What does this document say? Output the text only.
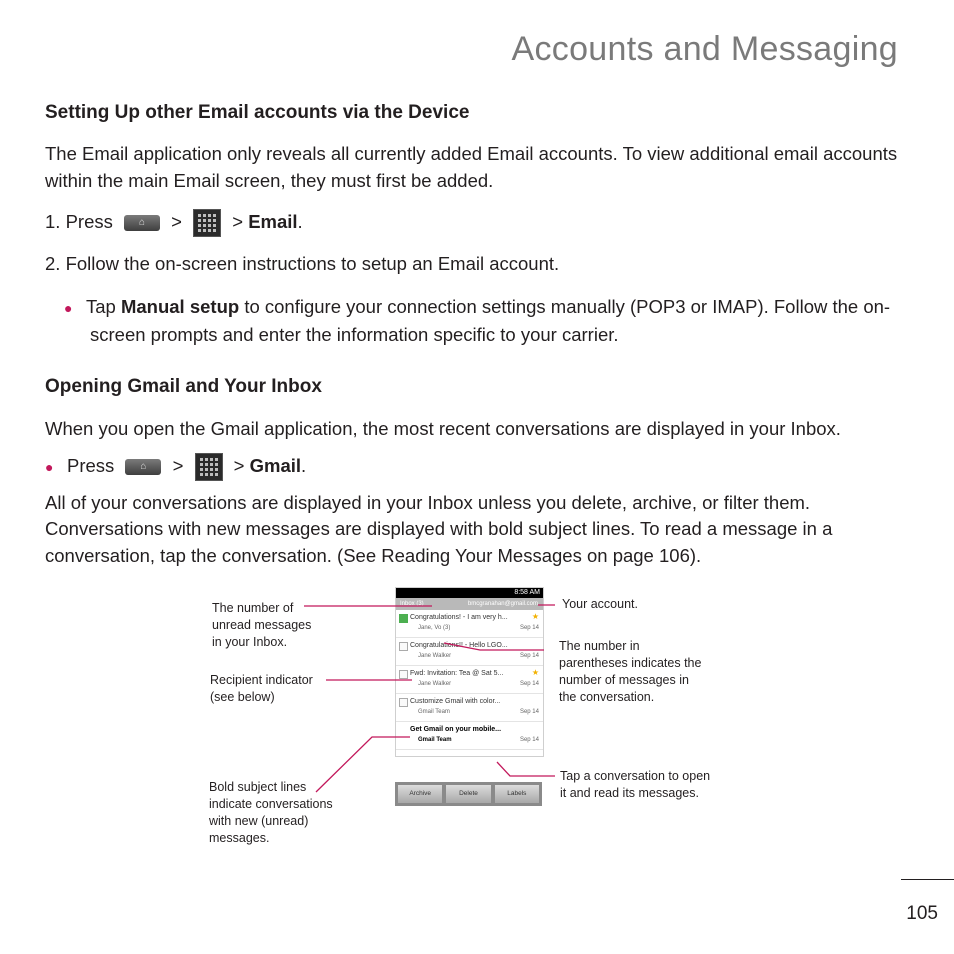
Accounts and Messaging
Setting Up other Email accounts via the Device
The Email application only reveals all currently added Email accounts. To view additional email accounts
within the main Email screen, they must first be added.
1. Press	⌂ >	> Email.
2. Follow the on-screen instructions to setup an Email account.
● Tap Manual setup to configure your connection settings manually (POP3 or IMAP). Follow the on-
screen prompts and enter the information specific to your carrier.
Opening Gmail and Your Inbox
When you open the Gmail application, the most recent conversations are displayed in your Inbox.
● Press	⌂ >	> Gmail.
All of your conversations are displayed in your Inbox unless you delete, archive, or filter them.
Conversations with new messages are displayed with bold subject lines. To read a message in a
conversation, tap the conversation. (See Reading Your Messages on page 106).
8:58 AM
Inbox (3)	bmcgranahan@gmail.com
Congratulations! - I am very h...	★
Jane, Vo (3)	Sep 14
Congratulations!! - Hello LGO...
Jane Walker	Sep 14
Fwd: Invitation: Tea @ Sat 5...	★
Jane Walker	Sep 14
Customize Gmail with color...
Gmail Team	Sep 14
Get Gmail on your mobile...
Gmail Team	Sep 14
Archive	Delete	Labels
The number of
unread messages
in your Inbox.
Recipient indicator
(see below)
Bold subject lines
indicate conversations
with new (unread)
messages.
Your account.
The number in
parentheses indicates the
number of messages in
the conversation.
Tap a conversation to open
it and read its messages.
105
